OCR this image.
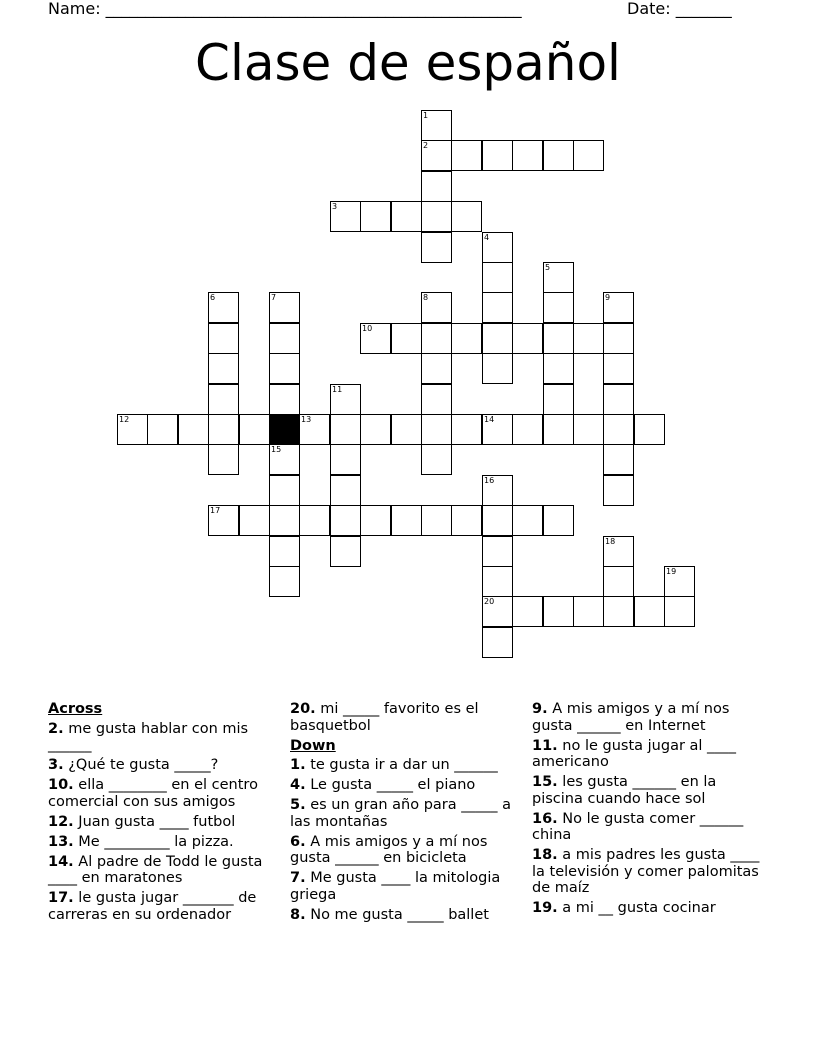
Name: ____________________________________________________	Date: _______
Clase de español
1
2
3
4
5
6	7	8	9
10
11
12	13	14
15
16
17
18
19
20
Across
2. me gusta hablar con mis ______
3. ¿Qué te gusta _____?
10. ella ________ en el centro comercial con sus amigos
12. Juan gusta ____ futbol
13. Me _________ la pizza.
14. Al padre de Todd le gusta ____ en maratones
17. le gusta jugar _______ de carreras en su ordenador
20. mi _____ favorito es el basquetbol
Down
1. te gusta ir a dar un ______
4. Le gusta _____ el piano
5. es un gran año para _____ a las montañas
6. A mis amigos y a mí nos gusta ______ en bicicleta
7. Me gusta ____ la mitologia griega
8. No me gusta _____ ballet
9. A mis amigos y a mí nos gusta ______ en Internet
11. no le gusta jugar al ____ americano
15. les gusta ______ en la piscina cuando hace sol
16. No le gusta comer ______ china
18. a mis padres les gusta ____ la televisión y comer palomitas de maíz
19. a mi __ gusta cocinar
